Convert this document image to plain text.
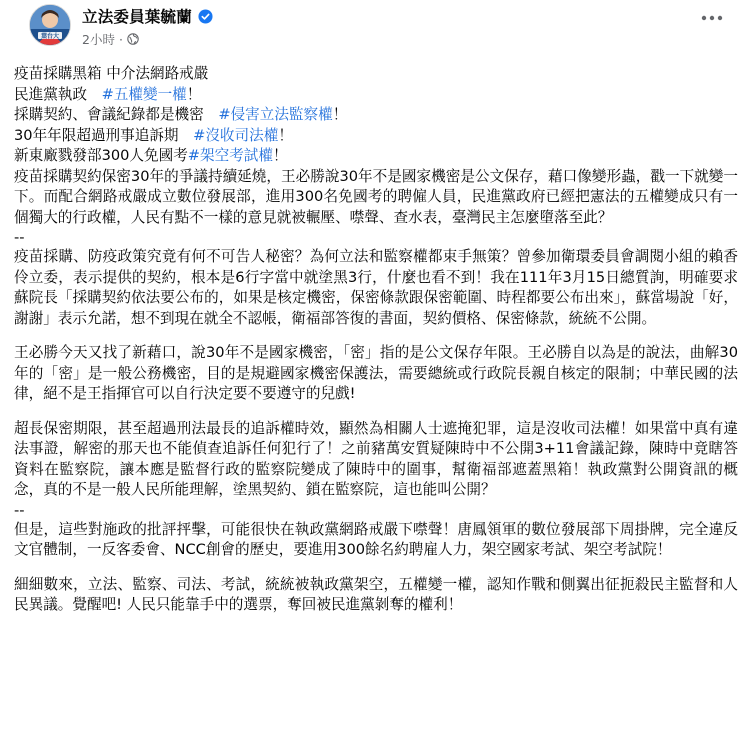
葉台大
立法委員葉毓蘭
2小時 ·

疫苗採購黑箱 中介法網路戒嚴
民進黨執政　#五權變一權！
採購契約、會議紀錄都是機密　#侵害立法監察權！
30年年限超過刑事追訴期　#沒收司法權！
新東廠戮發部300人免國考#架空考試權！

疫苗採購契約保密30年的爭議持續延燒，王必勝說30年不是國家機密是公文保存，藉口像變形蟲，戳一下就變一下。而配合網路戒嚴成立數位發展部，進用300名免國考的聘僱人員，民進黨政府已經把憲法的五權變成只有一個獨大的行政權，人民有點不一樣的意見就被輾壓、噤聲、查水表，臺灣民主怎麼墮落至此？

--

疫苗採購、防疫政策究竟有何不可告人秘密？為何立法和監察權都束手無策？曾參加衛環委員會調閱小組的賴香伶立委，表示提供的契約，根本是6行字當中就塗黑3行，什麼也看不到！我在111年3月15日總質詢，明確要求蘇院長「採購契約依法要公布的，如果是核定機密，保密條款跟保密範圍、時程都要公布出來」，蘇當場說「好，謝謝」表示允諾，想不到現在就全不認帳，衛福部答復的書面，契約價格、保密條款，統統不公開。

王必勝今天又找了新藉口，說30年不是國家機密，「密」指的是公文保存年限。王必勝自以為是的說法，曲解30年的「密」是一般公務機密，目的是規避國家機密保護法，需要總統或行政院長親自核定的限制；中華民國的法律，絕不是王指揮官可以自行決定要不要遵守的兒戲!

超長保密期限，甚至超過刑法最長的追訴權時效，顯然為相關人士遮掩犯罪，這是沒收司法權！如果當中真有違法事證，解密的那天也不能偵查追訴任何犯行了！之前豬萬安質疑陳時中不公開3+11會議記錄，陳時中竟瞎答資料在監察院，讓本應是監督行政的監察院變成了陳時中的圍事，幫衛福部遮蓋黑箱！執政黨對公開資訊的概念，真的不是一般人民所能理解，塗黑契約、鎖在監察院，這也能叫公開？

--

但是，這些對施政的批評抨擊，可能很快在執政黨網路戒嚴下噤聲！唐鳳領軍的數位發展部下周掛牌，完全違反文官體制，一反客委會、NCC創會的歷史，要進用300餘名約聘雇人力，架空國家考試、架空考試院！

細細數來，立法、監察、司法、考試，統統被執政黨架空，五權變一權，認知作戰和側翼出征扼殺民主監督和人民異議。覺醒吧! 人民只能靠手中的選票，奪回被民進黨剝奪的權利！
